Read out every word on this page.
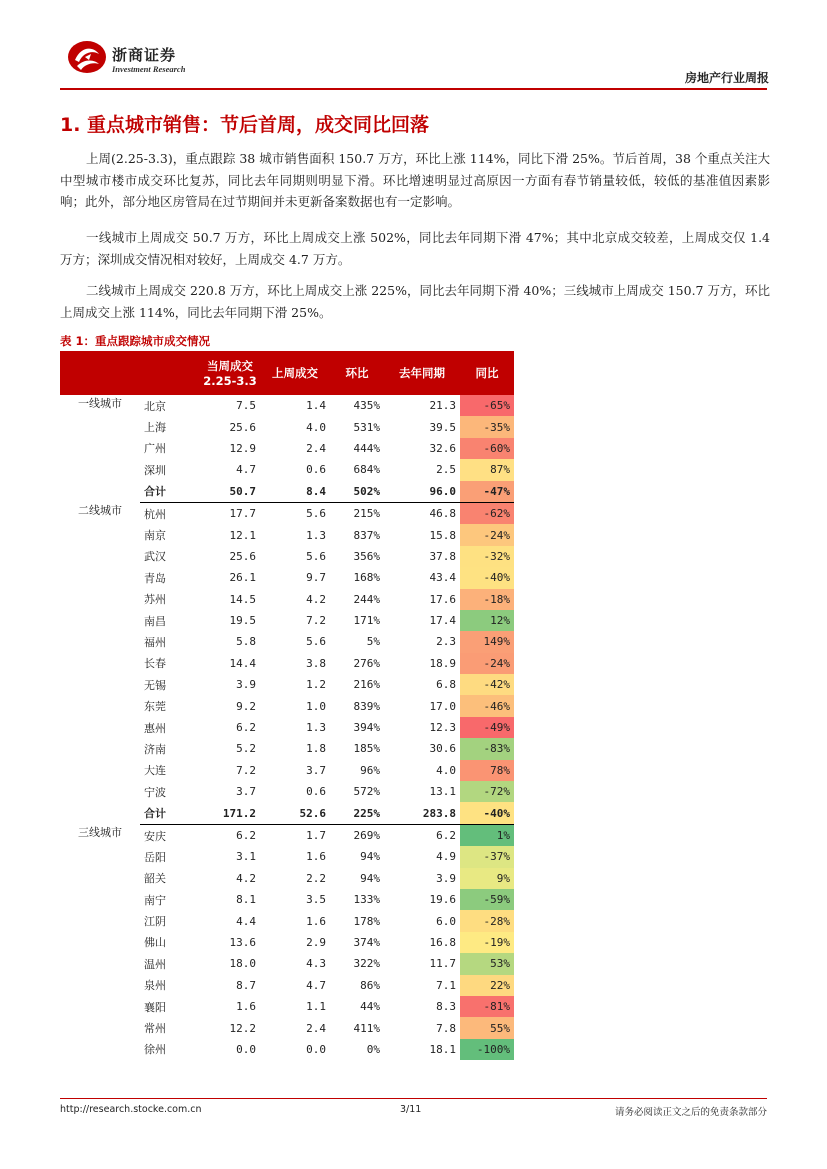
浙商证券
Investment Research
房地产行业周报
1. 重点城市销售：节后首周，成交同比回落

上周(2.25-3.3)，重点跟踪 38 城市销售面积 150.7 万方，环比上涨 114%，同比下滑 25%。节后首周，38 个重点关注大中型城市楼市成交环比复苏，同比去年同期则明显下滑。环比增速明显过高原因一方面有春节销量较低，较低的基准值因素影响；此外，部分地区房管局在过节期间并未更新备案数据也有一定影响。

一线城市上周成交 50.7 万方，环比上周成交上涨 502%，同比去年同期下滑 47%；其中北京成交较差，上周成交仅 1.4 万方；深圳成交情况相对较好，上周成交 4.7 万方。

二线城市上周成交 220.8 万方，环比上周成交上涨 225%，同比去年同期下滑 40%；三线城市上周成交 150.7 万方，环比上周成交上涨 114%，同比去年同期下滑 25%。

表 1：重点跟踪城市成交情况

		当周成交
2.25-3.3	上周成交	环比	去年同期	同比
一线城市	北京	7.5	1.4	435%	21.3	-65%
	上海	25.6	4.0	531%	39.5	-35%
	广州	12.9	2.4	444%	32.6	-60%
	深圳	4.7	0.6	684%	2.5	87%
	合计	50.7	8.4	502%	96.0	-47%
二线城市	杭州	17.7	5.6	215%	46.8	-62%
	南京	12.1	1.3	837%	15.8	-24%
	武汉	25.6	5.6	356%	37.8	-32%
	青岛	26.1	9.7	168%	43.4	-40%
	苏州	14.5	4.2	244%	17.6	-18%
	南昌	19.5	7.2	171%	17.4	12%
	福州	5.8	5.6	5%	2.3	149%
	长春	14.4	3.8	276%	18.9	-24%
	无锡	3.9	1.2	216%	6.8	-42%
	东莞	9.2	1.0	839%	17.0	-46%
	惠州	6.2	1.3	394%	12.3	-49%
	济南	5.2	1.8	185%	30.6	-83%
	大连	7.2	3.7	96%	4.0	78%
	宁波	3.7	0.6	572%	13.1	-72%
	合计	171.2	52.6	225%	283.8	-40%
三线城市	安庆	6.2	1.7	269%	6.2	1%
	岳阳	3.1	1.6	94%	4.9	-37%
	韶关	4.2	2.2	94%	3.9	9%
	南宁	8.1	3.5	133%	19.6	-59%
	江阴	4.4	1.6	178%	6.0	-28%
	佛山	13.6	2.9	374%	16.8	-19%
	温州	18.0	4.3	322%	11.7	53%
	泉州	8.7	4.7	86%	7.1	22%
	襄阳	1.6	1.1	44%	8.3	-81%
	常州	12.2	2.4	411%	7.8	55%
	徐州	0.0	0.0	0%	18.1	-100%
http://research.stocke.com.cn	3/11	请务必阅读正文之后的免责条款部分
